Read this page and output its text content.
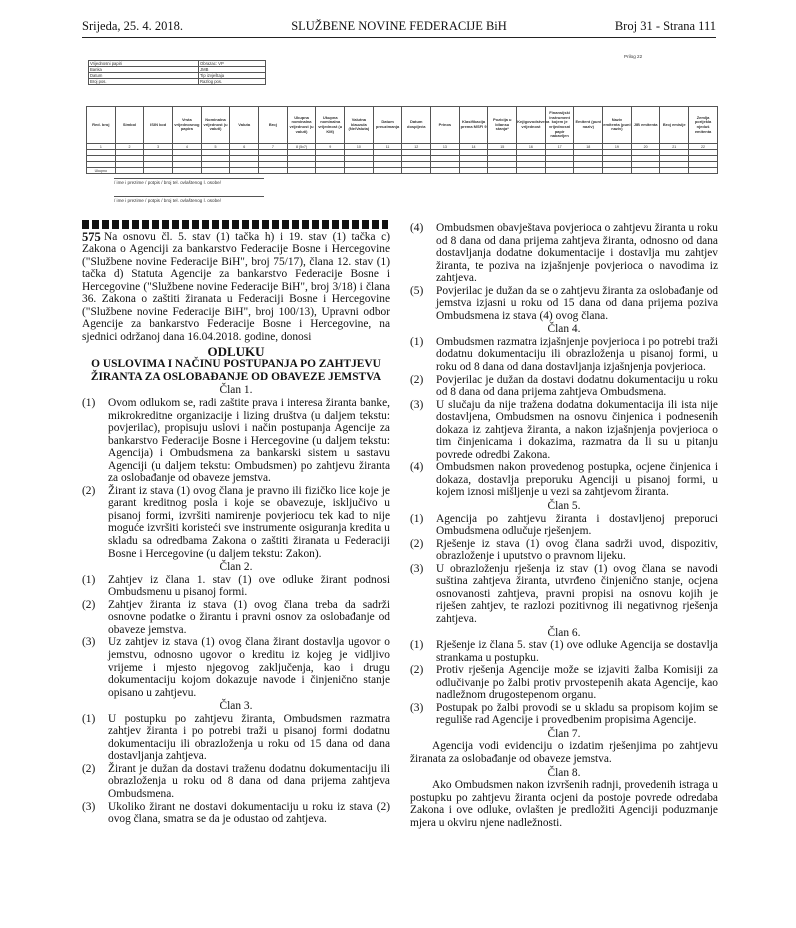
Srijeda, 25. 4. 2018.	SLUŽBENE NOVINE FEDERACIJE BiH	Broj 31 - Strana 111
Prilog 22
Vrijednosni papiri	Obrazac: VP
Banka	JMB
Datum	Tip izvještaja
Broj pos.	Razlog pos.
Red. broj	Simbol	ISIN kod	Vrsta vrijednosnog papira	Nominalna vrijednost (u valuti)	Valuta	Broj	Ukupna nominalna vrijednost (u valuti)	Ukupna nominalna vrijednost (u KM)	Valutna klauzula (Ne/Valuta)	Datum preuzimanja	Datum dospijeća	Prinos	Klasifikacija prema MSFI 9	Pozicija u bilansu stanja*	Knjigovodstvena vrijednost	Finansijski instrument kojem je vrijednosni papir nabavljen	Emitent (puni naziv)	Naziv emitenta (puni naziv)	JIB emitenta	Broj emisije	Zemlja porijekla njeduš emitenta
1	2	3	4	5	6	7	8 (5x7)	9	10	11	12	13	14	15	16	17	18	19	20	21	22

Ukupno																					
/ ime i prezime / potpis / broj tel. ovlaštenog l. osobe/
/ ime i prezime / potpis / broj tel. ovlaštenog l. osobe/
575 Na osnovu čl. 5. stav (1) tačka h) i 19. stav (1) tačka c) Zakona o Agenciji za bankarstvo Federacije Bosne i Hercegovine ("Službene novine Federacije BiH", broj 75/17), člana 12. stav (1) tačka d) Statuta Agencije za bankarstvo Federacije Bosne i Hercegovine ("Službene novine Federacije BiH", broj 3/18) i člana 36. Zakona o zaštiti žiranata u Federaciji Bosne i Hercegovine ("Službene novine Federacije BiH", broj 100/13), Upravni odbor Agencije za bankarstvo Federacije Bosne i Hercegovine, na sjednici održanoj dana 16.04.2018. godine, donosi

ODLUKU
O USLOVIMA I NAČINU POSTUPANJA PO ZAHTJEVU ŽIRANTA ZA OSLOBAĐANJE OD OBAVEZE JEMSTVA
Član 1.
(1)	Ovom odlukom se, radi zaštite prava i interesa žiranta banke, mikrokreditne organizacije i lizing društva (u daljem tekstu: povjerilac), propisuju uslovi i način postupanja Agencije za bankarstvo Federacije Bosne i Hercegovine (u daljem tekstu: Agencija) i Ombudsmena za bankarski sistem u sastavu Agenciji (u daljem tekstu: Ombudsmen) po zahtjevu žiranta za oslobađanje od obaveze jemstva.
(2)	Žirant iz stava (1) ovog člana je pravno ili fizičko lice koje je garant kreditnog posla i koje se obavezuje, isključivo u pisanoj formi, izvršiti namirenje povjeriocu tek kad to nije moguće izvršiti koristeći sve instrumente osiguranja kredita u skladu sa odredbama Zakona o zaštiti žiranata u Federaciji Bosne i Hercegovine (u daljem tekstu: Zakon).
Član 2.
(1)	Zahtjev iz člana 1. stav (1) ove odluke žirant podnosi Ombudsmenu u pisanoj formi.
(2)	Zahtjev žiranta iz stava (1) ovog člana treba da sadrži osnovne podatke o žirantu i pravni osnov za oslobađanje od obaveze jemstva.
(3)	Uz zahtjev iz stava (1) ovog člana žirant dostavlja ugovor o jemstvu, odnosno ugovor o kreditu iz kojeg je vidljivo vrijeme i mjesto njegovog zaključenja, kao i drugu dokumentaciju kojom dokazuje navode i činjenično stanje opisano u zahtjevu.
Član 3.
(1)	U postupku po zahtjevu žiranta, Ombudsmen razmatra zahtjev žiranta i po potrebi traži u pisanoj formi dodatnu dokumentaciju ili obrazloženja u roku od 15 dana od dana dostavljanja zahtjeva.
(2)	Žirant je dužan da dostavi traženu dodatnu dokumentaciju ili obrazloženja u roku od 8 dana od dana prijema zahtjeva Ombudsmena.
(3)	Ukoliko žirant ne dostavi dokumentaciju u roku iz stava (2) ovog člana, smatra se da je odustao od zahtjeva.
(4)	Ombudsmen obavještava povjerioca o zahtjevu žiranta u roku od 8 dana od dana prijema zahtjeva žiranta, odnosno od dana dostavljanja dodatne dokumentacije i dostavlja mu zahtjev žiranta, te poziva na izjašnjenje povjerioca o navodima iz zahtjeva.
(5)	Povjerilac je dužan da se o zahtjevu žiranta za oslobađanje od jemstva izjasni u roku od 15 dana od dana prijema poziva Ombudsmena iz stava (4) ovog člana.
Član 4.
(1)	Ombudsmen razmatra izjašnjenje povjerioca i po potrebi traži dodatnu dokumentaciju ili obrazloženja u pisanoj formi, u roku od 8 dana od dana dostavljanja izjašnjenja povjerioca.
(2)	Povjerilac je dužan da dostavi dodatnu dokumentaciju u roku od 8 dana od dana prijema zahtjeva Ombudsmena.
(3)	U slučaju da nije tražena dodatna dokumentacija ili ista nije dostavljena, Ombudsmen na osnovu činjenica i podnesenih dokaza iz zahtjeva žiranta, a nakon izjašnjenja povjerioca o tim činjenicama i dokazima, razmatra da li su u pitanju povrede odredbi Zakona.
(4)	Ombudsmen nakon provedenog postupka, ocjene činjenica i dokaza, dostavlja preporuku Agenciji u pisanoj formi, u kojem iznosi mišljenje u vezi sa zahtjevom žiranta.
Član 5.
(1)	Agencija po zahtjevu žiranta i dostavljenoj preporuci Ombudsmena odlučuje rješenjem.
(2)	Rješenje iz stava (1) ovog člana sadrži uvod, dispozitiv, obrazloženje i uputstvo o pravnom lijeku.
(3)	U obrazloženju rješenja iz stav (1) ovog člana se navodi suština zahtjeva žiranta, utvrđeno činjenično stanje, ocjena osnovanosti zahtjeva, pravni propisi na osnovu kojih je riješen zahtjev, te razlozi pozitivnog ili negativnog rješenja zahtjeva.
Član 6.
(1)	Rješenje iz člana 5. stav (1) ove odluke Agencija se dostavlja strankama u postupku.
(2)	Protiv rješenja Agencije može se izjaviti žalba Komisiji za odlučivanje po žalbi protiv prvostepenih akata Agencije, kao nadležnom drugostepenom organu.
(3)	Postupak po žalbi provodi se u skladu sa propisom kojim se reguliše rad Agencije i provedbenim propisima Agencije.
Član 7.

Agencija vodi evidenciju o izdatim rješenjima po zahtjevu žiranata za oslobađanje od obaveze jemstva.

Član 8.

Ako Ombudsmen nakon izvršenih radnji, provedenih istraga u postupku po zahtjevu žiranta ocjeni da postoje povrede odredaba Zakona i ove odluke, ovlašten je predložiti Agenciji poduzmanje mjera u okviru njene nadležnosti.
